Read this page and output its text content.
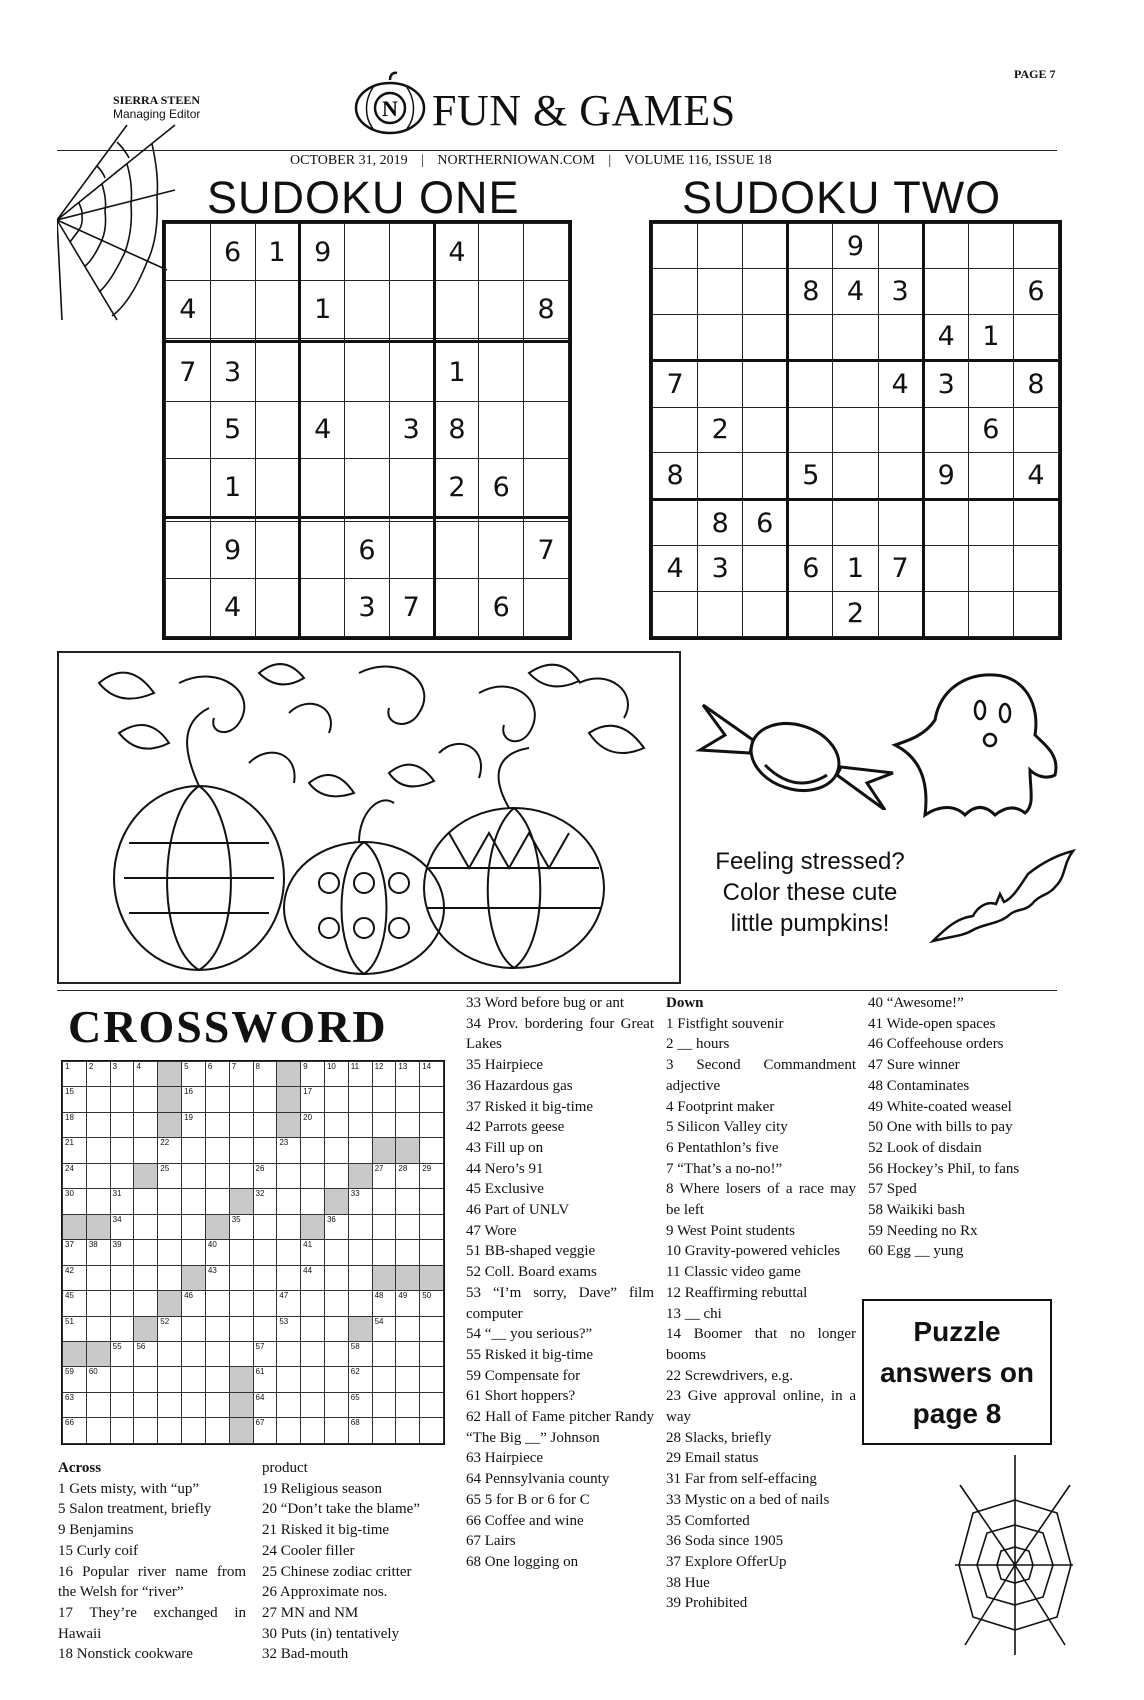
PAGE 7
SIERRA STEEN
Managing Editor	N FUN & GAMES
OCTOBER 31, 2019 | NORTHERNIOWAN.COM | VOLUME 116, ISSUE 18
SUDOKU ONE	SUDOKU TWO
	6	1	9			4		
4			1					8

7	3					1		
	5		4		3	8		
	1					2	6	

	9			6				7
	4			3	7		6	
				9				
			8	4	3			6
						4	1	
7					4	3		8
	2						6	
8			5			9		4
	8	6						
4	3		6	1	7			
				2				
Feeling stressed?
Color these cute
little pumpkins!
CROSSWORD
1	2	3	4		5	6	7	8		9	10	11	12	13	14

15					16					17					

18					19					20					

21				22					23						

24				25				26					27	28	29

30		31						32				33			

		34					35				36				

37	38	39				40				41					

42						43				44					

45					46				47				48	49	50

51				52					53				54		

		55	56					57				58			

59	60							61				62			

63								64				65			

66								67				68			

Across
1 Gets misty, with “up”
5 Salon treatment, briefly
9 Benjamins
15 Curly coif
16 Popular river name from the Welsh for “river”
17 They’re exchanged in Hawaii
18 Nonstick cookware
product
19 Religious season
20 “Don’t take the blame”
21 Risked it big-time
24 Cooler filler
25 Chinese zodiac critter
26 Approximate nos.
27 MN and NM
30 Puts (in) tentatively
32 Bad-mouth
33 Word before bug or ant
34 Prov. bordering four Great Lakes
35 Hairpiece
36 Hazardous gas
37 Risked it big-time
42 Parrots geese
43 Fill up on
44 Nero’s 91
45 Exclusive
46 Part of UNLV
47 Wore
51 BB-shaped veggie
52 Coll. Board exams
53 “I’m sorry, Dave” film computer
54 “__ you serious?”
55 Risked it big-time
59 Compensate for
61 Short hoppers?
62 Hall of Fame pitcher Randy “The Big __” Johnson
63 Hairpiece
64 Pennsylvania county
65 5 for B or 6 for C
66 Coffee and wine
67 Lairs
68 One logging on
Down
1 Fistfight souvenir
2 __ hours
3 Second Commandment adjective
4 Footprint maker
5 Silicon Valley city
6 Pentathlon’s five
7 “That’s a no-no!”
8 Where losers of a race may be left
9 West Point students
10 Gravity-powered vehicles
11 Classic video game
12 Reaffirming rebuttal
13 __ chi
14 Boomer that no longer booms
22 Screwdrivers, e.g.
23 Give approval online, in a way
28 Slacks, briefly
29 Email status
31 Far from self-effacing
33 Mystic on a bed of nails
35 Comforted
36 Soda since 1905
37 Explore OfferUp
38 Hue
39 Prohibited
40 “Awesome!”
41 Wide-open spaces
46 Coffeehouse orders
47 Sure winner
48 Contaminates
49 White-coated weasel
50 One with bills to pay
52 Look of disdain
56 Hockey’s Phil, to fans
57 Sped
58 Waikiki bash
59 Needing no Rx
60 Egg __ yung
Puzzle
answers on
page 8
